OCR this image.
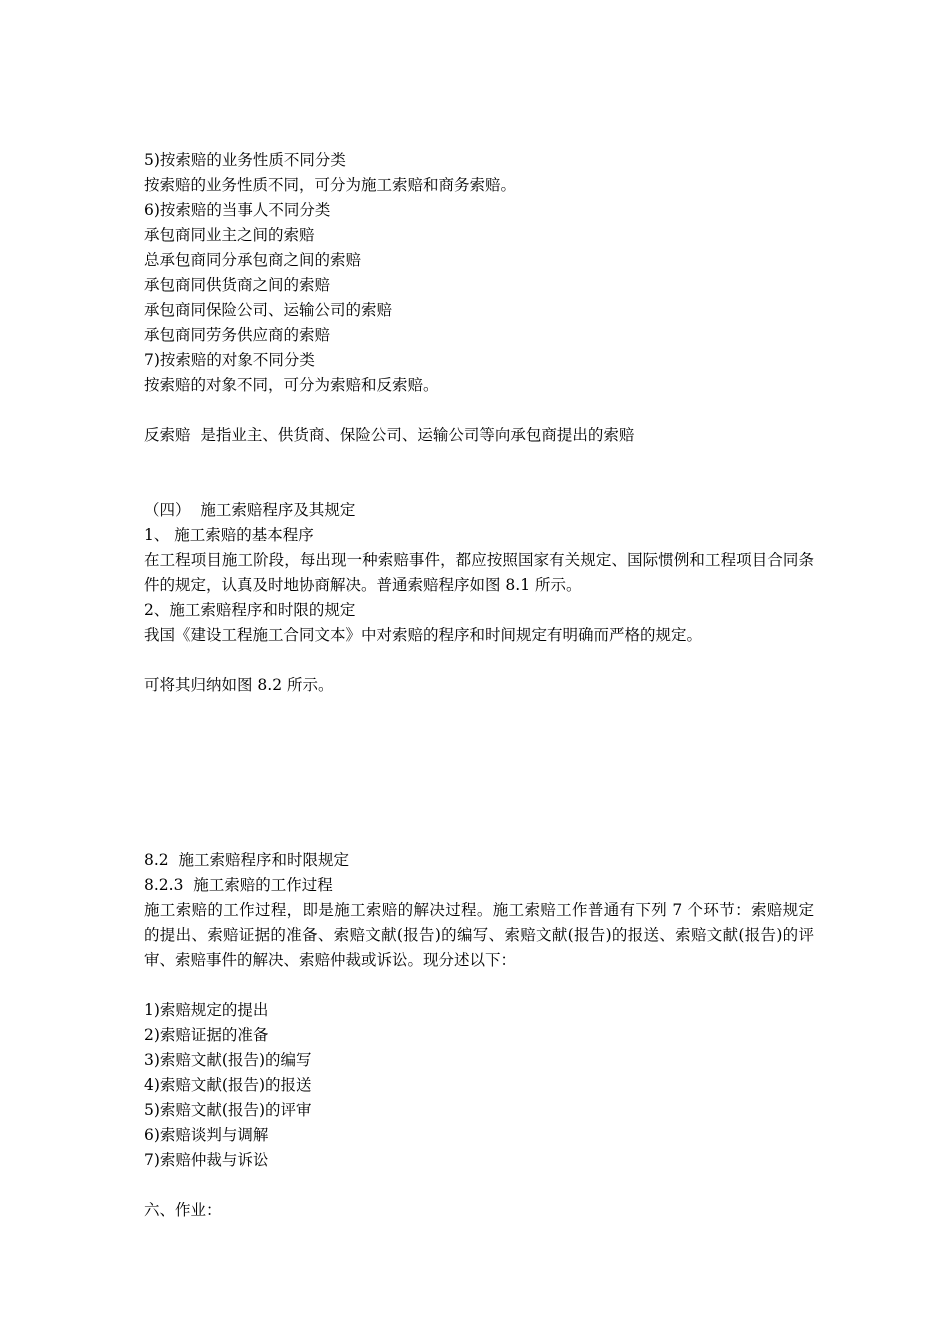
5)按索赔的业务性质不同分类
按索赔的业务性质不同，可分为施工索赔和商务索赔。
6)按索赔的当事人不同分类
承包商同业主之间的索赔
总承包商同分承包商之间的索赔
承包商同供货商之间的索赔
承包商同保险公司、运输公司的索赔
承包商同劳务供应商的索赔
7)按索赔的对象不同分类
按索赔的对象不同，可分为索赔和反索赔。
反索赔  是指业主、供货商、保险公司、运输公司等向承包商提出的索赔
（四）  施工索赔程序及其规定
1、 施工索赔的基本程序
在工程项目施工阶段，每出现一种索赔事件，都应按照国家有关规定、国际惯例和工程项目合同条件的规定，认真及时地协商解决。普通索赔程序如图 8.1 所示。
2、施工索赔程序和时限的规定
我国《建设工程施工合同文本》中对索赔的程序和时间规定有明确而严格的规定。
可将其归纳如图 8.2 所示。
8.2  施工索赔程序和时限规定
8.2.3  施工索赔的工作过程
施工索赔的工作过程，即是施工索赔的解决过程。施工索赔工作普通有下列 7 个环节：索赔规定的提出、索赔证据的准备、索赔文献(报告)的编写、索赔文献(报告)的报送、索赔文献(报告)的评审、索赔事件的解决、索赔仲裁或诉讼。现分述以下：
1)索赔规定的提出
2)索赔证据的准备
3)索赔文献(报告)的编写
4)索赔文献(报告)的报送
5)索赔文献(报告)的评审
6)索赔谈判与调解
7)索赔仲裁与诉讼
六、作业：
